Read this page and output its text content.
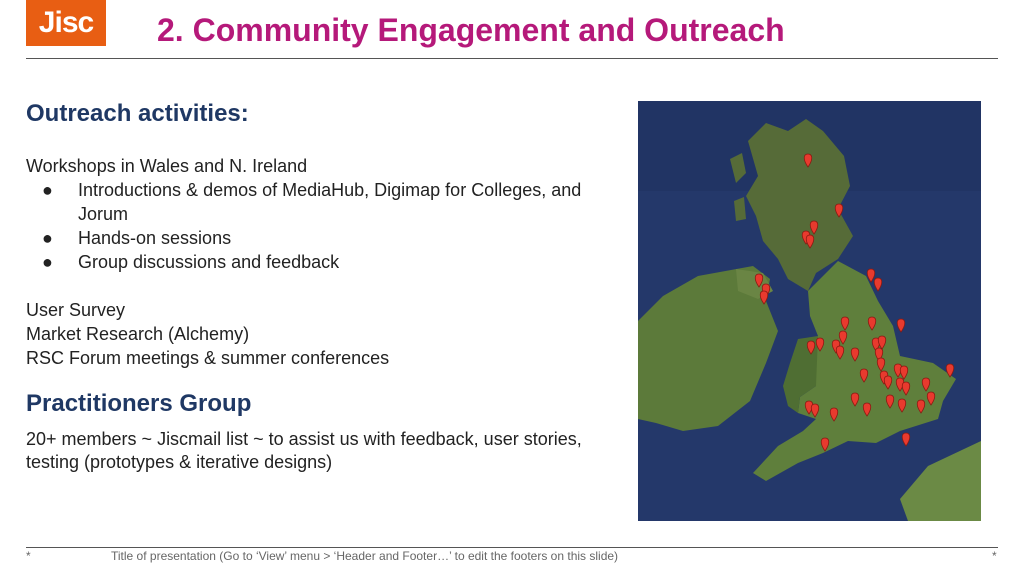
Jisc 2. Community Engagement and Outreach

Outreach activities:

Workshops in Wales and N. Ireland

● Introductions & demos of MediaHub, Digimap for Colleges, and Jorum
● Hands-on sessions
● Group discussions and feedback

User Survey

Market Research (Alchemy)

RSC Forum meetings & summer conferences

Practitioners Group

20+ members ~ Jiscmail list ~ to assist us with feedback, user stories, testing (prototypes & iterative designs)

*	Title of presentation (Go to ‘View’ menu > ‘Header and Footer…’ to edit the footers on this slide)	*
